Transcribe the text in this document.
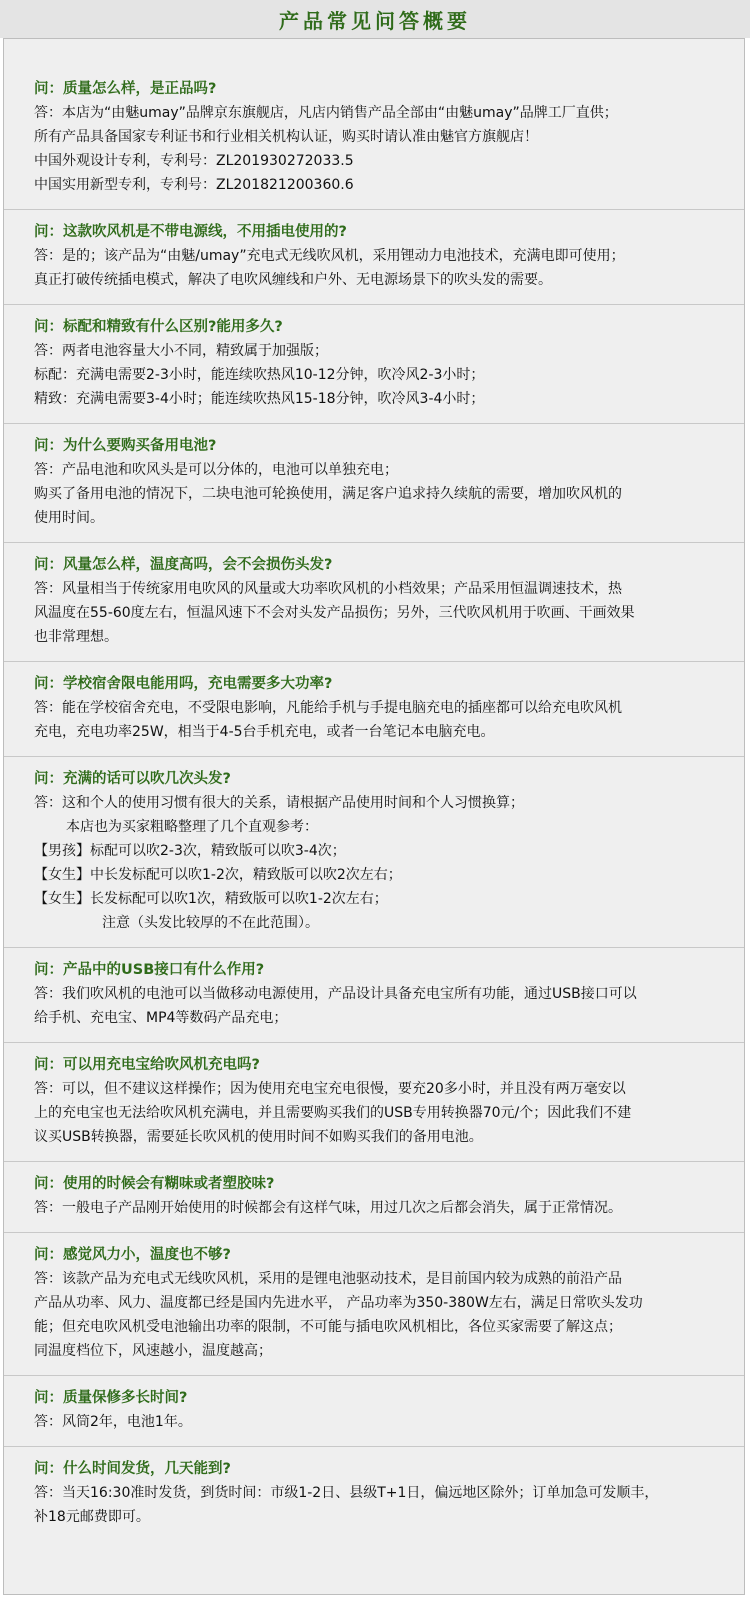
产品常见问答概要
问：质量怎么样，是正品吗?
答：本店为“由魅umay”品牌京东旗舰店，凡店内销售产品全部由“由魅umay”品牌工厂直供；
所有产品具备国家专利证书和行业相关机构认证，购买时请认准由魅官方旗舰店！
中国外观设计专利，专利号：ZL201930272033.5
中国实用新型专利，专利号：ZL201821200360.6
问：这款吹风机是不带电源线，不用插电使用的?
答：是的；该产品为“由魅/umay”充电式无线吹风机，采用锂动力电池技术，充满电即可使用；
真正打破传统插电模式，解决了电吹风缠线和户外、无电源场景下的吹头发的需要。
问：标配和精致有什么区别?能用多久?
答：两者电池容量大小不同，精致属于加强版；
标配：充满电需要2-3小时，能连续吹热风10-12分钟，吹冷风2-3小时；
精致：充满电需要3-4小时；能连续吹热风15-18分钟，吹冷风3-4小时；
问：为什么要购买备用电池?
答：产品电池和吹风头是可以分体的，电池可以单独充电；
购买了备用电池的情况下，二块电池可轮换使用，满足客户追求持久续航的需要，增加吹风机的
使用时间。
问：风量怎么样，温度高吗，会不会损伤头发?
答：风量相当于传统家用电吹风的风量或大功率吹风机的小档效果；产品采用恒温调速技术，热
风温度在55-60度左右，恒温风速下不会对头发产品损伤；另外，三代吹风机用于吹画、干画效果
也非常理想。
问：学校宿舍限电能用吗，充电需要多大功率?
答：能在学校宿舍充电，不受限电影响，凡能给手机与手提电脑充电的插座都可以给充电吹风机
充电，充电功率25W，相当于4-5台手机充电，或者一台笔记本电脑充电。
问：充满的话可以吹几次头发?
答：这和个人的使用习惯有很大的关系，请根据产品使用时间和个人习惯换算；
本店也为买家粗略整理了几个直观参考：
【男孩】标配可以吹2-3次，精致版可以吹3-4次；
【女生】中长发标配可以吹1-2次，精致版可以吹2次左右；
【女生】长发标配可以吹1次，精致版可以吹1-2次左右；
注意（头发比较厚的不在此范围）。
问：产品中的USB接口有什么作用?
答：我们吹风机的电池可以当做移动电源使用，产品设计具备充电宝所有功能，通过USB接口可以
给手机、充电宝、MP4等数码产品充电；
问：可以用充电宝给吹风机充电吗?
答：可以，但不建议这样操作；因为使用充电宝充电很慢，要充20多小时，并且没有两万毫安以
上的充电宝也无法给吹风机充满电，并且需要购买我们的USB专用转换器70元/个；因此我们不建
议买USB转换器，需要延长吹风机的使用时间不如购买我们的备用电池。
问：使用的时候会有糊味或者塑胶味?
答：一般电子产品刚开始使用的时候都会有这样气味，用过几次之后都会消失，属于正常情况。
问：感觉风力小，温度也不够?
答：该款产品为充电式无线吹风机，采用的是锂电池驱动技术，是目前国内较为成熟的前沿产品
产品从功率、风力、温度都已经是国内先进水平， 产品功率为350-380W左右，满足日常吹头发功
能；但充电吹风机受电池输出功率的限制，不可能与插电吹风机相比，各位买家需要了解这点；
同温度档位下，风速越小，温度越高；
问：质量保修多长时间?
答：风筒2年，电池1年。
问：什么时间发货，几天能到?
答：当天16:30准时发货，到货时间：市级1-2日、县级T+1日，偏远地区除外；订单加急可发顺丰，
补18元邮费即可。
